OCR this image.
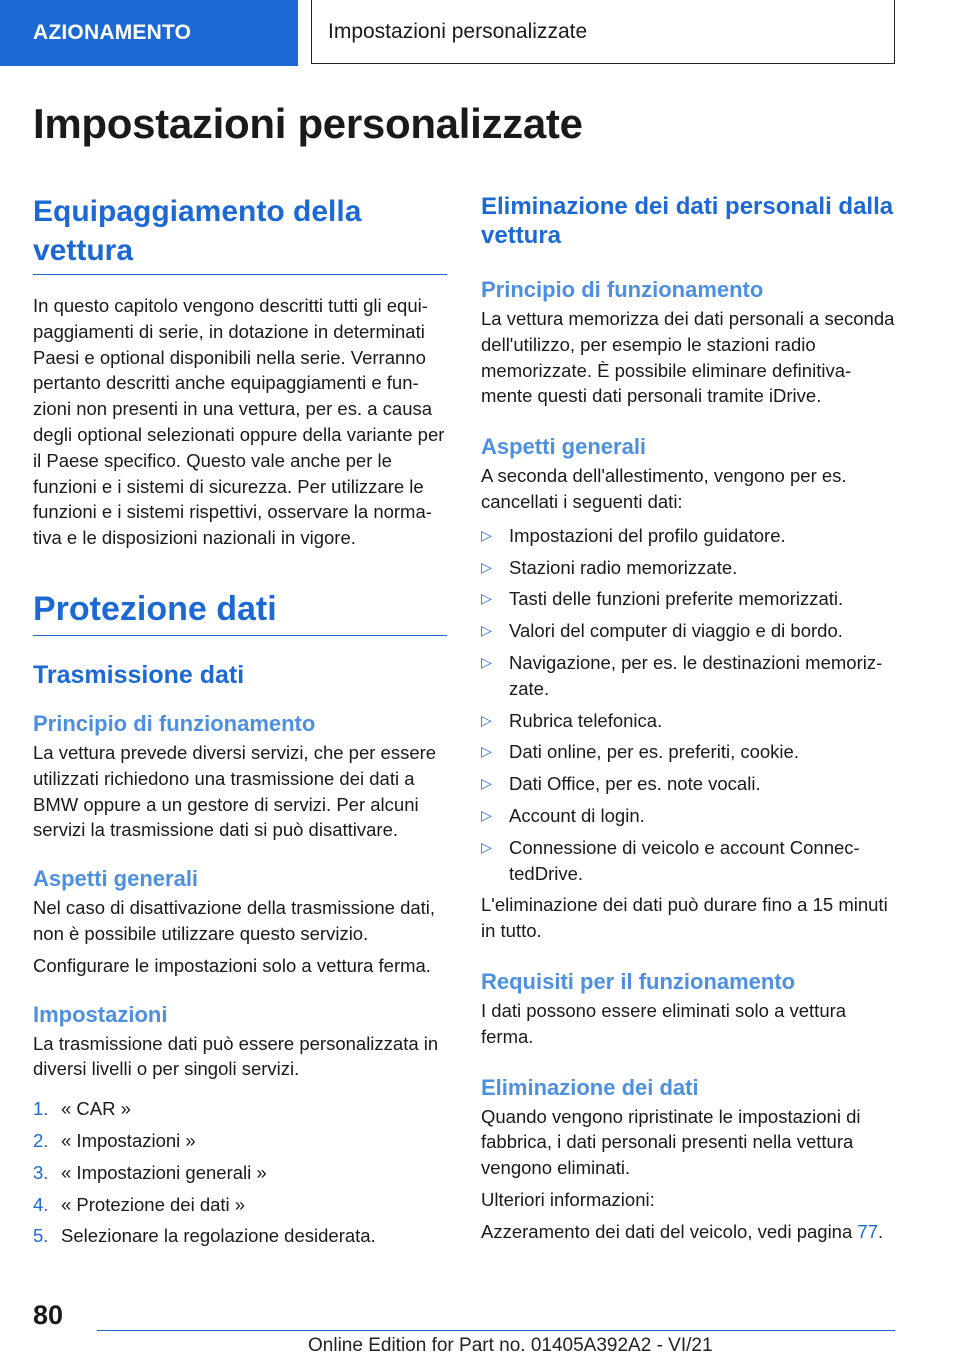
AZIONAMENTO	Impostazioni personalizzate
Impostazioni personalizzate
Equipaggiamento della vettura

In questo capitolo vengono descritti tutti gli equipaggiamenti di serie, in dotazione in determinati Paesi e optional disponibili nella serie. Verranno pertanto descritti anche equipaggiamenti e funzioni non presenti in una vettura, per es. a causa degli optional selezionati oppure della variante per il Paese specifico. Questo vale anche per le funzioni e i sistemi di sicurezza. Per utilizzare le funzioni e i sistemi rispettivi, osservare la normativa e le disposizioni nazionali in vigore.

Protezione dati
Trasmissione dati
Principio di funzionamento

La vettura prevede diversi servizi, che per essere utilizzati richiedono una trasmissione dei dati a BMW oppure a un gestore di servizi. Per alcuni servizi la trasmissione dati si può disattivare.

Aspetti generali

Nel caso di disattivazione della trasmissione dati, non è possibile utilizzare questo servizio.

Configurare le impostazioni solo a vettura ferma.

Impostazioni

La trasmissione dati può essere personalizzata in diversi livelli o per singoli servizi.

1. « CAR »
2. « Impostazioni »
3. « Impostazioni generali »
4. « Protezione dei dati »
5. Selezionare la regolazione desiderata.
Eliminazione dei dati personali dalla vettura
Principio di funzionamento

La vettura memorizza dei dati personali a seconda dell'utilizzo, per esempio le stazioni radio memorizzate. È possibile eliminare definitivamente questi dati personali tramite iDrive.

Aspetti generali

A seconda dell'allestimento, vengono per es. cancellati i seguenti dati:

▷ Impostazioni del profilo guidatore.
▷ Stazioni radio memorizzate.
▷ Tasti delle funzioni preferite memorizzati.
▷ Valori del computer di viaggio e di bordo.
▷ Navigazione, per es. le destinazioni memorizzate.
▷ Rubrica telefonica.
▷ Dati online, per es. preferiti, cookie.
▷ Dati Office, per es. note vocali.
▷ Account di login.
▷ Connessione di veicolo e account ConnectedDrive.

L'eliminazione dei dati può durare fino a 15 minuti in tutto.

Requisiti per il funzionamento

I dati possono essere eliminati solo a vettura ferma.

Eliminazione dei dati

Quando vengono ripristinate le impostazioni di fabbrica, i dati personali presenti nella vettura vengono eliminati.

Ulteriori informazioni:

Azzeramento dei dati del veicolo, vedi pagina 77.

80
Online Edition for Part no. 01405A392A2 - VI/21
